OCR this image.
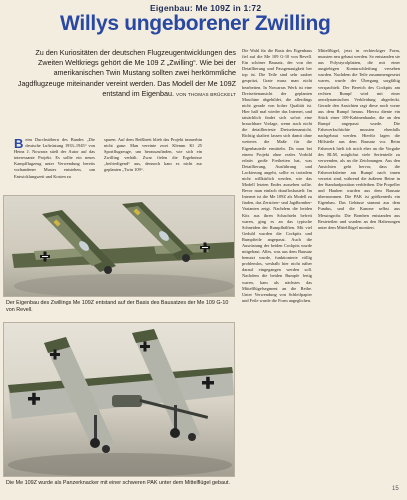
Eigenbau: Me 109Z in 1:72
Willys ungeborener Zwilling
Zu den Kuriositäten der deutschen Flugzeugentwicklungen des Zweiten Weltkriegs gehört die Me 109 Z „Zwilling“. Wie bei der amerikanischen Twin Mustang sollten zwei herkömmliche Jagdflugzeuge miteinander vereint werden. Das Modell der Me 109Z entstand im Eigenbau. VON THOMAS BRÜCKELT
B eim Durchstöbern des Bandes „Die deutsche Luftrüstung 1933–1945“ von Heinz J. Nowarra stieß der Autor auf das interessante Projekt. Es sollte ein neues Kampfflugzeug unter Verwendung bereits vorhandener Muster entstehen, um Entwicklungszeit und Kosten zu

sparen. Auf dem Reißbrett blieb das Projekt immerhin nicht ganz: Man vereinte zwei Klemm Kl 25 Sportflugzeuge, um herauszufinden, wie sich ein Zwilling verhält. Zwar fielen die Ergebnisse „befriedigend“ aus, dennoch kam es nicht zur geplanten „Twin 109“.

Die Wahl für die Basis des Eigenbaus fiel auf die Me 109 G-10 von Revell. Ein schöner Bausatz, der von der Detaillierung und Passgenauigkeit her top ist. Die Teile sind sehr sauber gespritzt, Grate muss man nicht bearbeiten. In Nowarras Werk ist eine Dreiseitenansicht der geplanten Maschine abgebildet, die allerdings nicht gerade von hoher Qualität ist. Hier half mal wieder das Internet, und tatsächlich findet sich sofort eine brauchbare Vorlage, wenn auch nicht die detaillierteste Dreiseitenansicht. Richtig skaliert lassen sich damit ohne weiteres die Maße für die Eigenbauteile ermitteln. Da man bei einem Projekt ohne reales Vorbild relativ große Freiheiten hat, was Detaillierung, Ausführung und Lackierung angeht, sollte es trotzdem nicht willkürlich werden, wie das Modell letzten Endes aussehen sollte. Bevor man einfach drauflosbastelt: Im Internet ist die Me 109Z als Modell zu finden, das Zerstörer- und Jagdbomber-Varianten zeigt. Nachdem die beiden Kits aus ihren Schachteln befreit waren, ging es an das typische Schneiden der Rumpfhälften. Mit viel Geduld wurden die Cockpits und Rumpfteile angepasst. Auch die Ausrüstung der beiden Cockpits wurde mitgebaut. Alles, was aus dem Bausatz benutzt wurde, funktionierte völlig problemlos, weshalb hier nicht näher darauf eingegangen werden soll. Nachdem die beiden Rumpfe fertig waren, kam als nächstes das Mittelflügelsegment an die Reihe. Unter Verwendung von Schleifpapier und Feile wurde die Form angeglichen.

Mittelflügel, jetzt in rechteckiger Form, mussten neu gebaut werden. So entstanden sie aus Polystyrolplatten, die mit einer ausgiebigen Konturschleifung versehen wurden. Nachdem die Teile zusammengesetzt waren, wurde der Übergang sorgfältig verspachtelt. Der Bereich des Cockpits am rechten Rumpf wird mit einer aerodynamischen Verkleidung abgedeckt. Gerade den Ansichten ragt diese noch vorne aus dem Rumpf heraus. Hierzu diente ein Stück einer 109-Kabinenhaube, die an den Rumpf angepasst wurde. Die Fahrwerkschächte mussten ebenfalls nachgebaut werden. Hierfür lagen die Hilfsteile aus dem Bausatz vor. Beim Fahrwerk hielt ich mich eher an die Vorgabe des RLM, möglichst viele Serienteile zu verwenden, als an die Zeichnungen. Aus den Ansichten geht hervor, dass die Fahrwerksbeine am Rumpf nach innen versetzt sind, während die äußeren Beine in der Standardposition verbleiben. Die Propeller und Hauben wurden aus dem Bausatz übernommen. Die PAK ist größtenteils ein Eigenbau. Das Gehäuse stammt aus dem Fundus, und die Kanone selbst aus Messingrohr. Die Bomben entstanden aus Resteteilen und wurden an den Halterungen unter dem Mittelflügel montiert.

Der Eigenbau des Zwillings Me 109Z entstand auf der Basis des Bausatzes der Me 109 G-10 von Revell.
Die Me 109Z wurde als Panzerknacker mit einer schweren PAK unter dem Mittelflügel gebaut.
15
